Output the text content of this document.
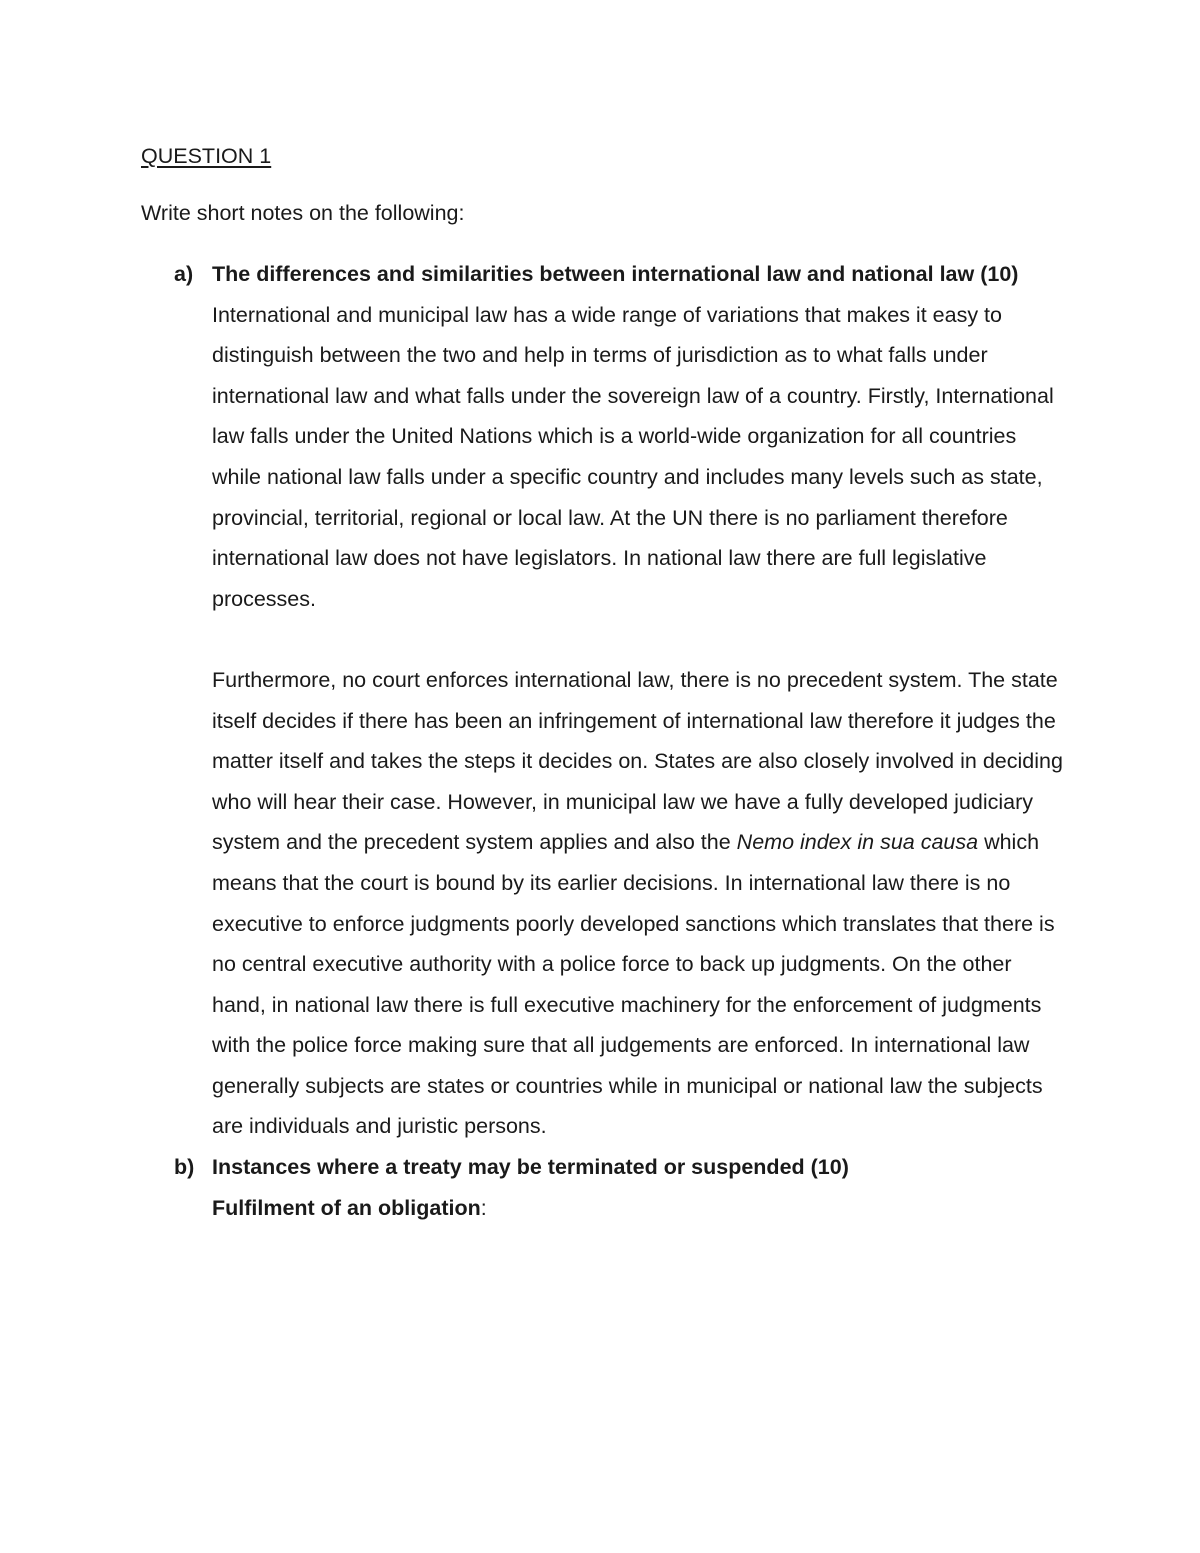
QUESTION 1
Write short notes on the following:
a) The differences and similarities between international law and national law (10)

International and municipal law has a wide range of variations that makes it easy to distinguish between the two and help in terms of jurisdiction as to what falls under international law and what falls under the sovereign law of a country. Firstly, International law falls under the United Nations which is a world-wide organization for all countries while national law falls under a specific country and includes many levels such as state, provincial, territorial, regional or local law. At the UN there is no parliament therefore international law does not have legislators. In national law there are full legislative processes.

Furthermore, no court enforces international law, there is no precedent system. The state itself decides if there has been an infringement of international law therefore it judges the matter itself and takes the steps it decides on. States are also closely involved in deciding who will hear their case. However, in municipal law we have a fully developed judiciary system and the precedent system applies and also the Nemo index in sua causa which means that the court is bound by its earlier decisions. In international law there is no executive to enforce judgments poorly developed sanctions which translates that there is no central executive authority with a police force to back up judgments. On the other hand, in national law there is full executive machinery for the enforcement of judgments with the police force making sure that all judgements are enforced. In international law generally subjects are states or countries while in municipal or national law the subjects are individuals and juristic persons.

b) Instances where a treaty may be terminated or suspended (10)

Fulfilment of an obligation:
